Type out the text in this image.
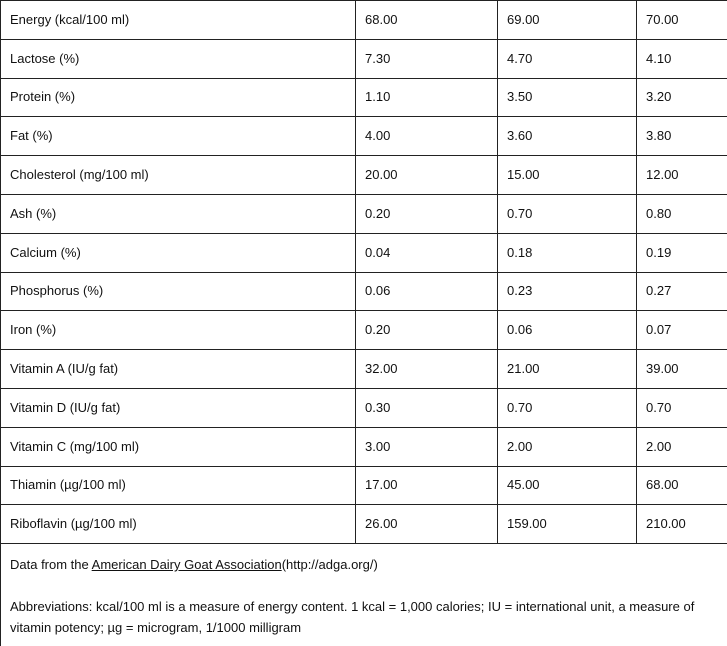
Energy (kcal/100 ml)	68.00	69.00	70.00
Lactose (%)	7.30	4.70	4.10
Protein (%)	1.10	3.50	3.20
Fat (%)	4.00	3.60	3.80
Cholesterol (mg/100 ml)	20.00	15.00	12.00
Ash (%)	0.20	0.70	0.80
Calcium (%)	0.04	0.18	0.19
Phosphorus (%)	0.06	0.23	0.27
Iron (%)	0.20	0.06	0.07
Vitamin A (IU/g fat)	32.00	21.00	39.00
Vitamin D (IU/g fat)	0.30	0.70	0.70
Vitamin C (mg/100 ml)	3.00	2.00	2.00
Thiamin (µg/100 ml)	17.00	45.00	68.00
Riboflavin (µg/100 ml)	26.00	159.00	210.00

Data from the American Dairy Goat Association(http://adga.org/)

Abbreviations: kcal/100 ml is a measure of energy content. 1 kcal = 1,000 calories; IU = international unit, a measure of vitamin potency; µg = microgram, 1/1000 milligram			
